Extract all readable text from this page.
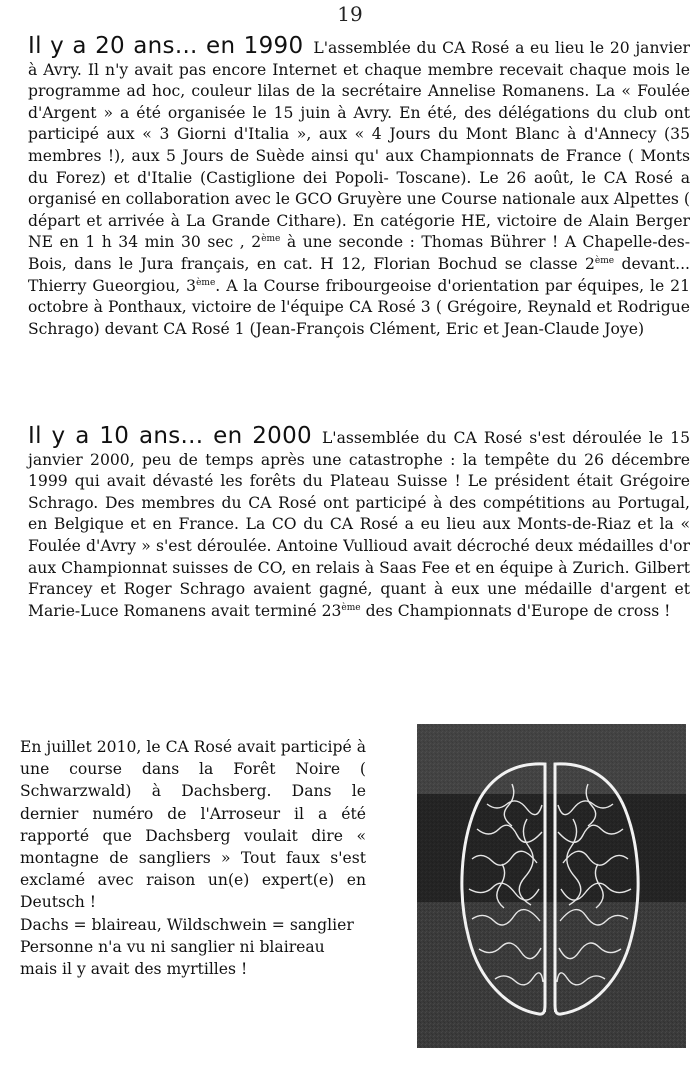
19
Il y a 20 ans... en 1990 L'assemblée du CA Rosé a eu lieu le 20 janvier à Avry. Il n'y avait pas encore Internet et chaque membre recevait chaque mois le programme ad hoc, couleur lilas de la secrétaire Annelise Romanens. La « Foulée d'Argent » a été organisée le 15 juin à Avry. En été, des délégations du club ont participé aux « 3 Giorni d'Italia », aux « 4 Jours du Mont Blanc à d'Annecy (35 membres !), aux 5 Jours de Suède ainsi qu' aux Championnats de France ( Monts du Forez) et d'Italie (Castiglione dei Popoli- Toscane). Le 26 août, le CA Rosé a organisé en collaboration avec le GCO Gruyère une Course nationale aux Alpettes ( départ et arrivée à La Grande Cithare). En catégorie HE, victoire de Alain Berger NE en 1 h 34 min 30 sec , 2ème à une seconde : Thomas Bührer ! A Chapelle-des-Bois, dans le Jura français, en cat. H 12, Florian Bochud se classe 2ème devant... Thierry Gueorgiou, 3ème. A la Course fribourgeoise d'orientation par équipes, le 21 octobre à Ponthaux, victoire de l'équipe CA Rosé 3 ( Grégoire, Reynald et Rodrigue Schrago) devant CA Rosé 1 (Jean-François Clément, Eric et Jean-Claude Joye)
Il y a 10 ans... en 2000 L'assemblée du CA Rosé s'est déroulée le 15 janvier 2000, peu de temps après une catastrophe : la tempête du 26 décembre 1999 qui avait dévasté les forêts du Plateau Suisse ! Le président était Grégoire Schrago. Des membres du CA Rosé ont participé à des compétitions au Portugal, en Belgique et en France. La CO du CA Rosé a eu lieu aux Monts-de-Riaz et la « Foulée d'Avry » s'est déroulée. Antoine Vullioud avait décroché deux médailles d'or aux Championnat suisses de CO, en relais à Saas Fee et en équipe à Zurich. Gilbert Francey et Roger Schrago avaient gagné, quant à eux une médaille d'argent et Marie-Luce Romanens avait terminé 23ème des Championnats d'Europe de cross !

En juillet 2010, le CA Rosé avait participé à une course dans la Forêt Noire ( Schwarzwald) à Dachsberg. Dans le dernier numéro de l'Arroseur il a été rapporté que Dachsberg voulait dire « montagne de sangliers » Tout faux s'est exclamé avec raison un(e) expert(e) en Deutsch !

Dachs = blaireau, Wildschwein = sanglier

Personne n'a vu ni sanglier ni blaireau

mais il y avait des myrtilles !
